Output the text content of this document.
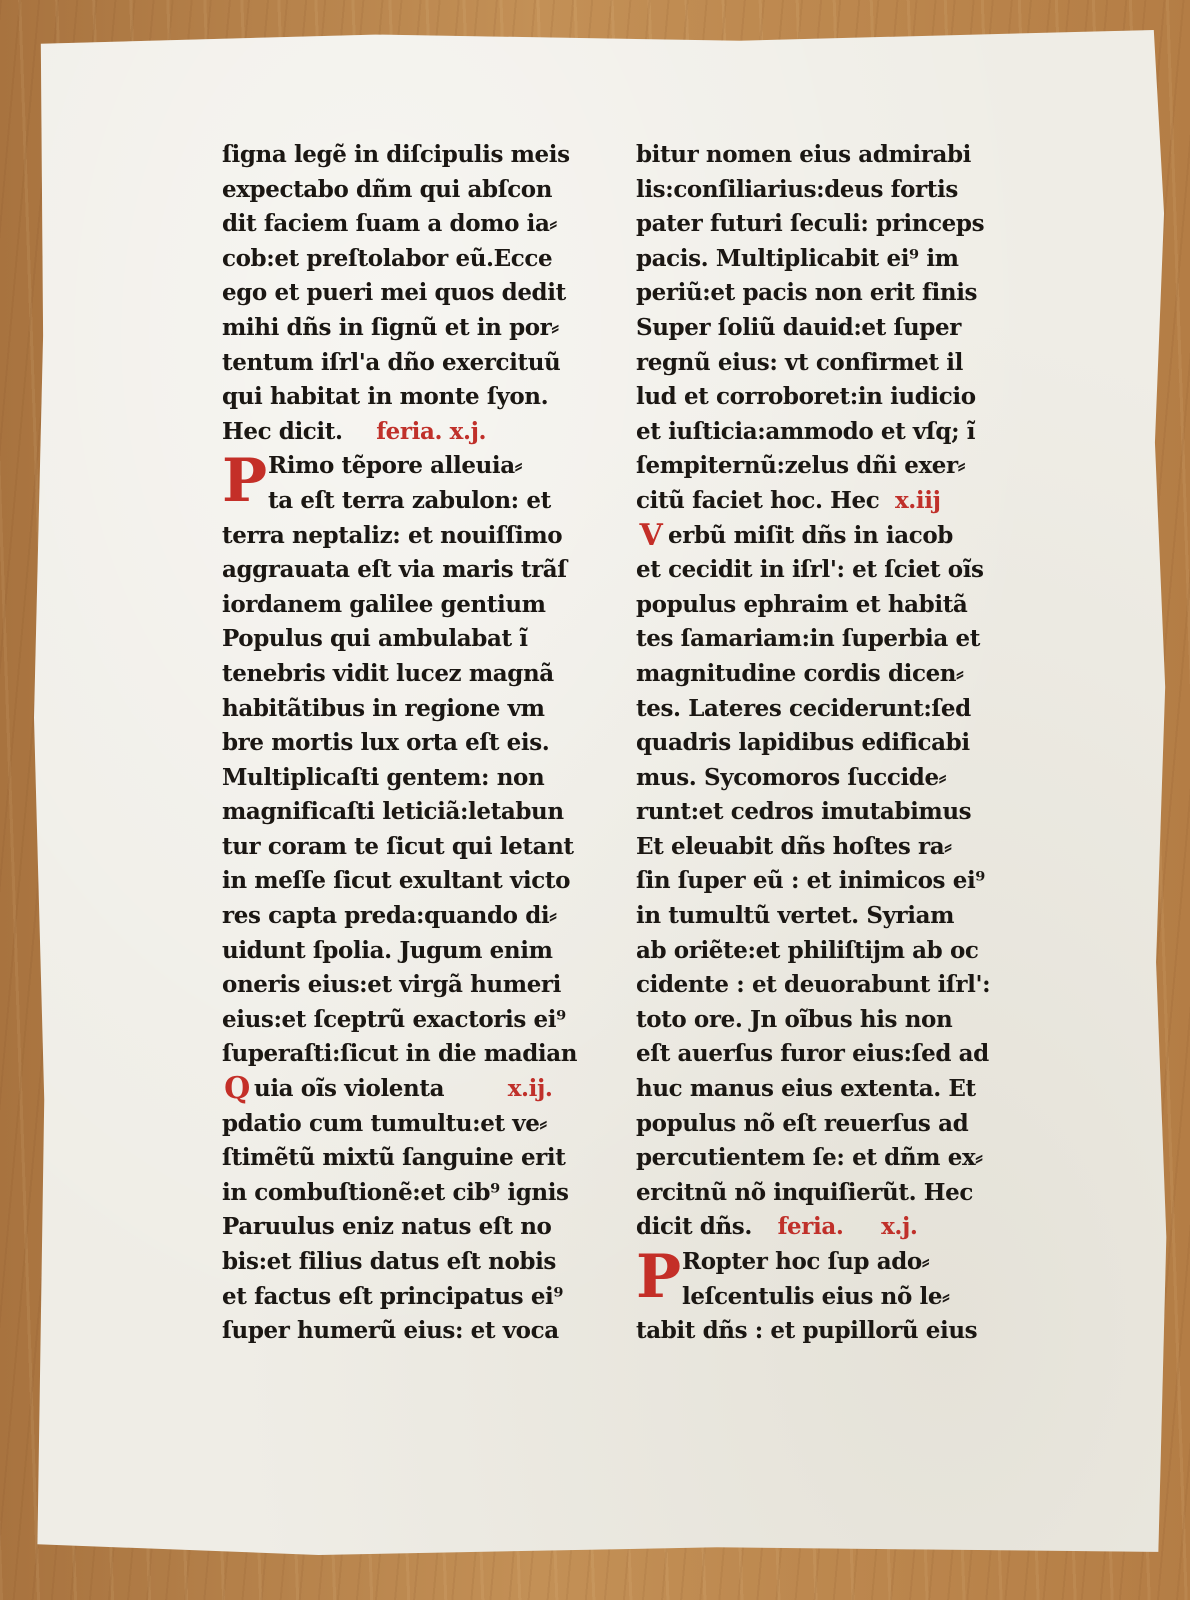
ſigna legẽ in diſcipulis meis
expectabo dñm qui abſcon
dit faciem ſuam a domo ia⸗
cob:et preſtolabor eũ.Ecce
ego et pueri mei quos dedit
mihi dñs in ſignũ et in por⸗
tentum iſrl'a dño exercituũ
qui habitat in monte ſyon.
Hec dicit. feria. x.j.
P Rimo tẽpore alleuia⸗
ta eſt terra zabulon: et
terra neptaliz: et nouiſſimo
aggrauata eſt via maris trãſ
iordanem galilee gentium
Populus qui ambulabat ĩ
tenebris vidit lucez magnã
habitãtibus in regione vm
bre mortis lux orta eſt eis.
Multiplicaſti gentem: non
magnificaſti leticiã:letabun
tur coram te ſicut qui letant
in meſſe ſicut exultant victo
res capta preda:quando di⸗
uidunt ſpolia. Jugum enim
oneris eius:et virgã humeri
eius:et ſceptrũ exactoris ei⁹
ſuperaſti:ſicut in die madian
Q uia oĩs violenta	x.ij.
pdatio cum tumultu:et ve⸗
ſtimẽtũ mixtũ ſanguine erit
in combuſtionẽ:et cib⁹ ignis
Paruulus eniz natus eſt no
bis:et filius datus eſt nobis
et factus eſt principatus ei⁹
ſuper humerũ eius: et voca
bitur nomen eius admirabi
lis:conſiliarius:deus fortis
pater futuri ſeculi: princeps
pacis. Multiplicabit ei⁹ im
periũ:et pacis non erit finis
Super ſoliũ dauid:et ſuper
regnũ eius: vt confirmet il
lud et corroboret:in iudicio
et iuſticia:ammodo et vſq; ĩ
ſempiternũ:zelus dñi exer⸗
citũ faciet hoc. Hec x.iij
V erbũ miſit dñs in iacob
et cecidit in iſrl': et ſciet oĩs
populus ephraim et habitã
tes ſamariam:in ſuperbia et
magnitudine cordis dicen⸗
tes. Lateres ceciderunt:ſed
quadris lapidibus edificabi
mus. Sycomoros ſuccide⸗
runt:et cedros imutabimus
Et eleuabit dñs hoſtes ra⸗
ſin ſuper eũ : et inimicos ei⁹
in tumultũ vertet. Syriam
ab oriẽte:et philiſtijm ab oc
cidente : et deuorabunt iſrl':
toto ore. Jn oĩbus his non
eſt auerſus furor eius:ſed ad
huc manus eius extenta. Et
populus nõ eſt reuerſus ad
percutientem ſe: et dñm ex⸗
ercitnũ nõ inquiſierũt. Hec
dicit dñs. feria. x.j.
P Ropter hoc ſup ado⸗
leſcentulis eius nõ le⸗
tabit dñs : et pupillorũ eius
